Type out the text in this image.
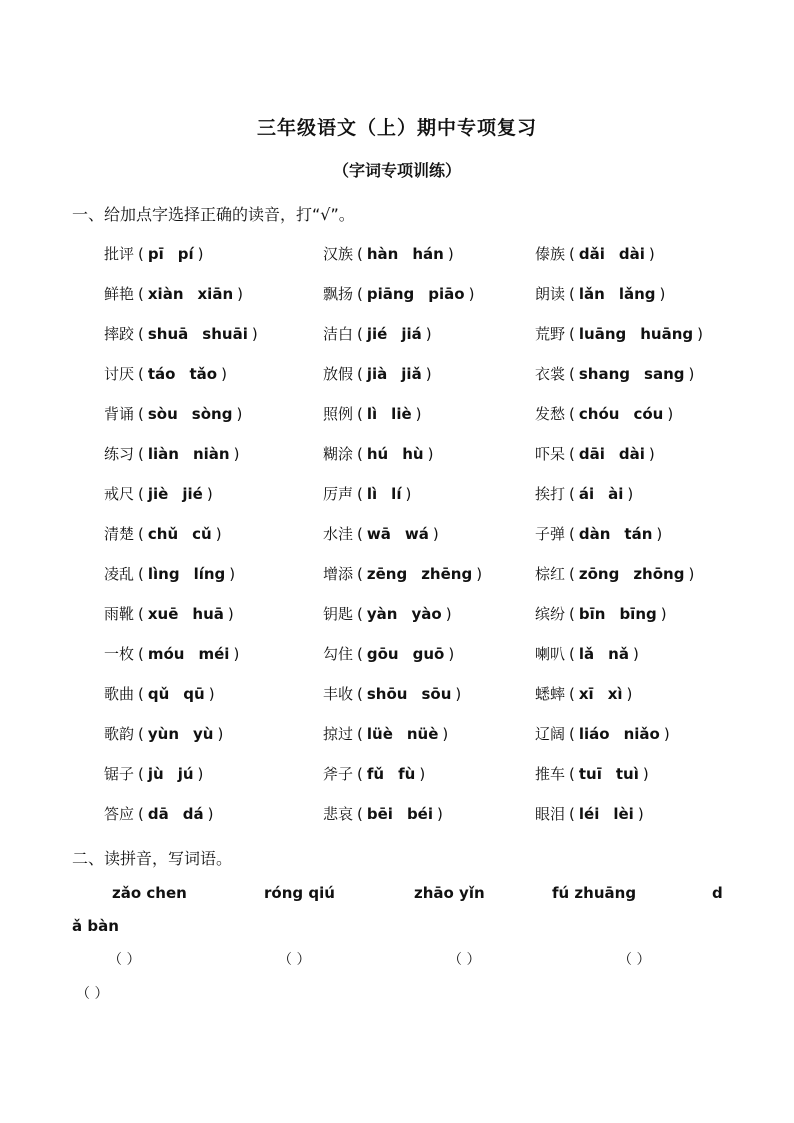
三年级语文（上）期中专项复习
（字词专项训练）
一、给加点字选择正确的读音，打“√”。
批评 ( pī pí )	汉族 ( hàn hán )	傣族 ( dǎi dài )
鲜艳 ( xiàn xiān )	飘扬 ( piāng piāo )	朗读 ( lǎn lǎng )
摔跤 ( shuā shuāi )	洁白 ( jié jiá )	荒野 ( luāng huāng )
讨厌 ( táo tǎo )	放假 ( jià jiǎ )	衣裳 ( shang sang )
背诵 ( sòu sòng )	照例 ( lì liè )	发愁 ( chóu cóu )
练习 ( liàn niàn )	糊涂 ( hú hù )	吓呆 ( dāi dài )
戒尺 ( jiè jié )	厉声 ( lì lí )	挨打 ( ái ài )
清楚 ( chǔ cǔ )	水洼 ( wā wá )	子弹 ( dàn tán )
凌乱 ( lìng líng )	增添 ( zēng zhēng )	棕红 ( zōng zhōng )
雨靴 ( xuē huā )	钥匙 ( yàn yào )	缤纷 ( bīn bīng )
一枚 ( móu méi )	勾住 ( gōu guō )	喇叭 ( lǎ nǎ )
歌曲 ( qǔ qū )	丰收 ( shōu sōu )	蟋蟀 ( xī xì )
歌韵 ( yùn yù )	掠过 ( lüè nüè )	辽阔 ( liáo niǎo )
锯子 ( jù jú )	斧子 ( fǔ fù )	推车 ( tuī tuì )
答应 ( dā dá )	悲哀 ( bēi béi )	眼泪 ( léi lèi )
二、读拼音，写词语。
zǎo chen	róng qiú	zhāo yǐn	fú zhuāng	d
ǎ bàn
（ ）	（ ）	（ ）	（ ）
（ ）
